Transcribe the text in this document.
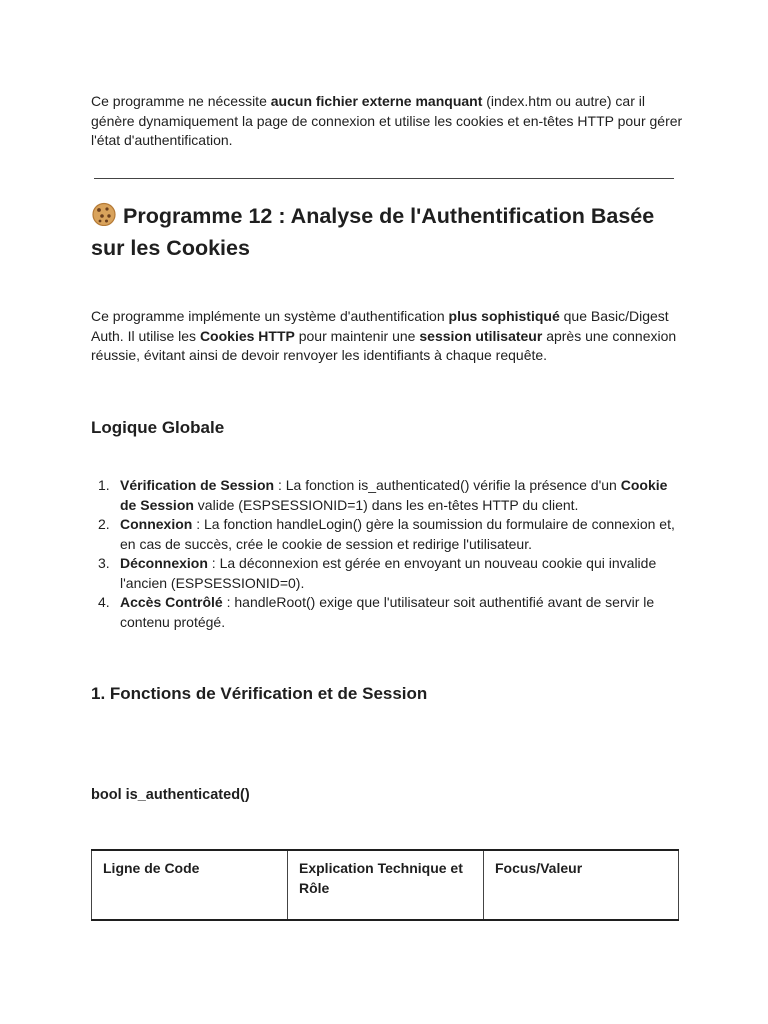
Ce programme ne nécessite aucun fichier externe manquant (index.htm ou autre) car il génère dynamiquement la page de connexion et utilise les cookies et en-têtes HTTP pour gérer l'état d'authentification.

Programme 12 : Analyse de l'Authentification Basée sur les Cookies

Ce programme implémente un système d'authentification plus sophistiqué que Basic/Digest Auth. Il utilise les Cookies HTTP pour maintenir une session utilisateur après une connexion réussie, évitant ainsi de devoir renvoyer les identifiants à chaque requête.

Logique Globale
1. Vérification de Session : La fonction is_authenticated() vérifie la présence d'un Cookie de Session valide (ESPSESSIONID=1) dans les en-têtes HTTP du client.
2. Connexion : La fonction handleLogin() gère la soumission du formulaire de connexion et, en cas de succès, crée le cookie de session et redirige l'utilisateur.
3. Déconnexion : La déconnexion est gérée en envoyant un nouveau cookie qui invalide l'ancien (ESPSESSIONID=0).
4. Accès Contrôlé : handleRoot() exige que l'utilisateur soit authentifié avant de servir le contenu protégé.
1. Fonctions de Vérification et de Session
bool is_authenticated()
Ligne de Code	Explication Technique et Rôle	Focus/Valeur
